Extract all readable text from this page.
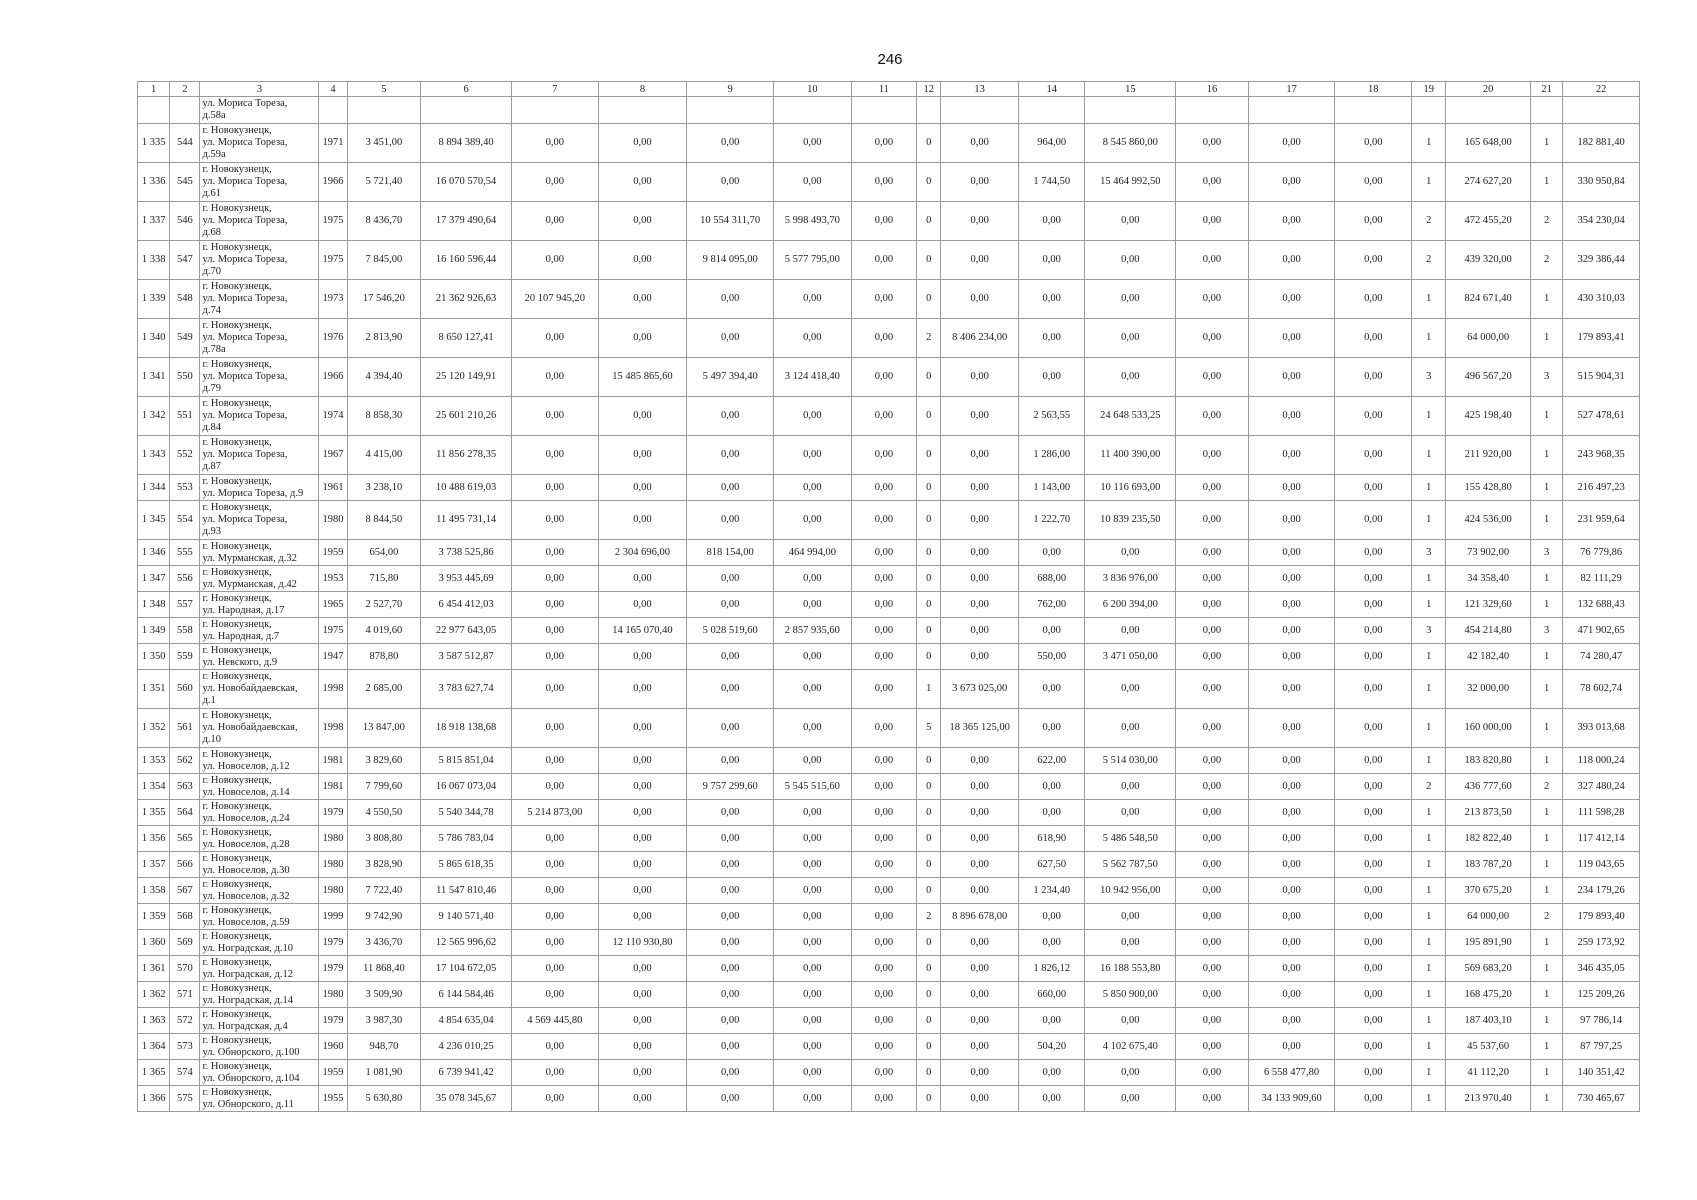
246
1	2	3	4	5	6	7	8	9	10	11	12	13	14	15	16	17	18	19	20	21	22
		ул. Мориса Тореза,
д.58а																			
1 335	544	г. Новокузнецк,
ул. Мориса Тореза,
д.59а	1971	3 451,00	8 894 389,40	0,00	0,00	0,00	0,00	0,00	0	0,00	964,00	8 545 860,00	0,00	0,00	0,00	1	165 648,00	1	182 881,40
1 336	545	г. Новокузнецк,
ул. Мориса Тореза,
д.61	1966	5 721,40	16 070 570,54	0,00	0,00	0,00	0,00	0,00	0	0,00	1 744,50	15 464 992,50	0,00	0,00	0,00	1	274 627,20	1	330 950,84
1 337	546	г. Новокузнецк,
ул. Мориса Тореза,
д.68	1975	8 436,70	17 379 490,64	0,00	0,00	10 554 311,70	5 998 493,70	0,00	0	0,00	0,00	0,00	0,00	0,00	0,00	2	472 455,20	2	354 230,04
1 338	547	г. Новокузнецк,
ул. Мориса Тореза,
д.70	1975	7 845,00	16 160 596,44	0,00	0,00	9 814 095,00	5 577 795,00	0,00	0	0,00	0,00	0,00	0,00	0,00	0,00	2	439 320,00	2	329 386,44
1 339	548	г. Новокузнецк,
ул. Мориса Тореза,
д.74	1973	17 546,20	21 362 926,63	20 107 945,20	0,00	0,00	0,00	0,00	0	0,00	0,00	0,00	0,00	0,00	0,00	1	824 671,40	1	430 310,03
1 340	549	г. Новокузнецк,
ул. Мориса Тореза,
д.78а	1976	2 813,90	8 650 127,41	0,00	0,00	0,00	0,00	0,00	2	8 406 234,00	0,00	0,00	0,00	0,00	0,00	1	64 000,00	1	179 893,41
1 341	550	г. Новокузнецк,
ул. Мориса Тореза,
д.79	1966	4 394,40	25 120 149,91	0,00	15 485 865,60	5 497 394,40	3 124 418,40	0,00	0	0,00	0,00	0,00	0,00	0,00	0,00	3	496 567,20	3	515 904,31
1 342	551	г. Новокузнецк,
ул. Мориса Тореза,
д.84	1974	8 858,30	25 601 210,26	0,00	0,00	0,00	0,00	0,00	0	0,00	2 563,55	24 648 533,25	0,00	0,00	0,00	1	425 198,40	1	527 478,61
1 343	552	г. Новокузнецк,
ул. Мориса Тореза,
д.87	1967	4 415,00	11 856 278,35	0,00	0,00	0,00	0,00	0,00	0	0,00	1 286,00	11 400 390,00	0,00	0,00	0,00	1	211 920,00	1	243 968,35
1 344	553	г. Новокузнецк,
ул. Мориса Тореза, д.9	1961	3 238,10	10 488 619,03	0,00	0,00	0,00	0,00	0,00	0	0,00	1 143,00	10 116 693,00	0,00	0,00	0,00	1	155 428,80	1	216 497,23
1 345	554	г. Новокузнецк,
ул. Мориса Тореза,
д.93	1980	8 844,50	11 495 731,14	0,00	0,00	0,00	0,00	0,00	0	0,00	1 222,70	10 839 235,50	0,00	0,00	0,00	1	424 536,00	1	231 959,64
1 346	555	г. Новокузнецк,
ул. Мурманская, д.32	1959	654,00	3 738 525,86	0,00	2 304 696,00	818 154,00	464 994,00	0,00	0	0,00	0,00	0,00	0,00	0,00	0,00	3	73 902,00	3	76 779,86
1 347	556	г. Новокузнецк,
ул. Мурманская, д.42	1953	715,80	3 953 445,69	0,00	0,00	0,00	0,00	0,00	0	0,00	688,00	3 836 976,00	0,00	0,00	0,00	1	34 358,40	1	82 111,29
1 348	557	г. Новокузнецк,
ул. Народная, д.17	1965	2 527,70	6 454 412,03	0,00	0,00	0,00	0,00	0,00	0	0,00	762,00	6 200 394,00	0,00	0,00	0,00	1	121 329,60	1	132 688,43
1 349	558	г. Новокузнецк,
ул. Народная, д.7	1975	4 019,60	22 977 643,05	0,00	14 165 070,40	5 028 519,60	2 857 935,60	0,00	0	0,00	0,00	0,00	0,00	0,00	0,00	3	454 214,80	3	471 902,65
1 350	559	г. Новокузнецк,
ул. Невского, д.9	1947	878,80	3 587 512,87	0,00	0,00	0,00	0,00	0,00	0	0,00	550,00	3 471 050,00	0,00	0,00	0,00	1	42 182,40	1	74 280,47
1 351	560	г. Новокузнецк,
ул. Новобайдаевская,
д.1	1998	2 685,00	3 783 627,74	0,00	0,00	0,00	0,00	0,00	1	3 673 025,00	0,00	0,00	0,00	0,00	0,00	1	32 000,00	1	78 602,74
1 352	561	г. Новокузнецк,
ул. Новобайдаевская,
д.10	1998	13 847,00	18 918 138,68	0,00	0,00	0,00	0,00	0,00	5	18 365 125,00	0,00	0,00	0,00	0,00	0,00	1	160 000,00	1	393 013,68
1 353	562	г. Новокузнецк,
ул. Новоселов, д.12	1981	3 829,60	5 815 851,04	0,00	0,00	0,00	0,00	0,00	0	0,00	622,00	5 514 030,00	0,00	0,00	0,00	1	183 820,80	1	118 000,24
1 354	563	г. Новокузнецк,
ул. Новоселов, д.14	1981	7 799,60	16 067 073,04	0,00	0,00	9 757 299,60	5 545 515,60	0,00	0	0,00	0,00	0,00	0,00	0,00	0,00	2	436 777,60	2	327 480,24
1 355	564	г. Новокузнецк,
ул. Новоселов, д.24	1979	4 550,50	5 540 344,78	5 214 873,00	0,00	0,00	0,00	0,00	0	0,00	0,00	0,00	0,00	0,00	0,00	1	213 873,50	1	111 598,28
1 356	565	г. Новокузнецк,
ул. Новоселов, д.28	1980	3 808,80	5 786 783,04	0,00	0,00	0,00	0,00	0,00	0	0,00	618,90	5 486 548,50	0,00	0,00	0,00	1	182 822,40	1	117 412,14
1 357	566	г. Новокузнецк,
ул. Новоселов, д.30	1980	3 828,90	5 865 618,35	0,00	0,00	0,00	0,00	0,00	0	0,00	627,50	5 562 787,50	0,00	0,00	0,00	1	183 787,20	1	119 043,65
1 358	567	г. Новокузнецк,
ул. Новоселов, д.32	1980	7 722,40	11 547 810,46	0,00	0,00	0,00	0,00	0,00	0	0,00	1 234,40	10 942 956,00	0,00	0,00	0,00	1	370 675,20	1	234 179,26
1 359	568	г. Новокузнецк,
ул. Новоселов, д.59	1999	9 742,90	9 140 571,40	0,00	0,00	0,00	0,00	0,00	2	8 896 678,00	0,00	0,00	0,00	0,00	0,00	1	64 000,00	2	179 893,40
1 360	569	г. Новокузнецк,
ул. Ноградская, д.10	1979	3 436,70	12 565 996,62	0,00	12 110 930,80	0,00	0,00	0,00	0	0,00	0,00	0,00	0,00	0,00	0,00	1	195 891,90	1	259 173,92
1 361	570	г. Новокузнецк,
ул. Ноградская, д.12	1979	11 868,40	17 104 672,05	0,00	0,00	0,00	0,00	0,00	0	0,00	1 826,12	16 188 553,80	0,00	0,00	0,00	1	569 683,20	1	346 435,05
1 362	571	г. Новокузнецк,
ул. Ноградская, д.14	1980	3 509,90	6 144 584,46	0,00	0,00	0,00	0,00	0,00	0	0,00	660,00	5 850 900,00	0,00	0,00	0,00	1	168 475,20	1	125 209,26
1 363	572	г. Новокузнецк,
ул. Ноградская, д.4	1979	3 987,30	4 854 635,04	4 569 445,80	0,00	0,00	0,00	0,00	0	0,00	0,00	0,00	0,00	0,00	0,00	1	187 403,10	1	97 786,14
1 364	573	г. Новокузнецк,
ул. Обнорского, д.100	1960	948,70	4 236 010,25	0,00	0,00	0,00	0,00	0,00	0	0,00	504,20	4 102 675,40	0,00	0,00	0,00	1	45 537,60	1	87 797,25
1 365	574	г. Новокузнецк,
ул. Обнорского, д.104	1959	1 081,90	6 739 941,42	0,00	0,00	0,00	0,00	0,00	0	0,00	0,00	0,00	0,00	6 558 477,80	0,00	1	41 112,20	1	140 351,42
1 366	575	г. Новокузнецк,
ул. Обнорского, д.11	1955	5 630,80	35 078 345,67	0,00	0,00	0,00	0,00	0,00	0	0,00	0,00	0,00	0,00	34 133 909,60	0,00	1	213 970,40	1	730 465,67
